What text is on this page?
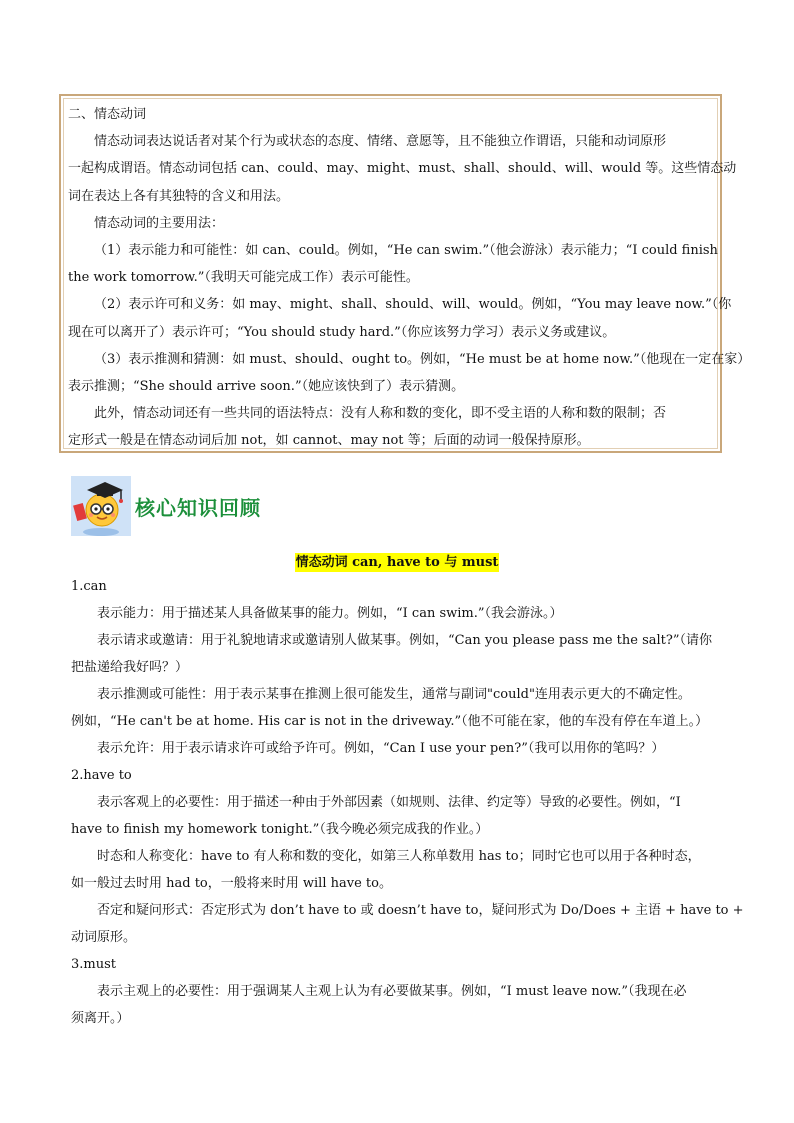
二、情态动词
情态动词表达说话者对某个行为或状态的态度、情绪、意愿等，且不能独立作谓语，只能和动词原形
一起构成谓语。情态动词包括 can、could、may、might、must、shall、should、will、would 等。这些情态动
词在表达上各有其独特的含义和用法。
情态动词的主要用法：
（1）表示能力和可能性：如 can、could。例如，“He can swim.”（他会游泳）表示能力；“I could finish
the work tomorrow.”（我明天可能完成工作）表示可能性。
（2）表示许可和义务：如 may、might、shall、should、will、would。例如，“You may leave now.”（你
现在可以离开了）表示许可；“You should study hard.”（你应该努力学习）表示义务或建议。
（3）表示推测和猜测：如 must、should、ought to。例如，“He must be at home now.”（他现在一定在家）
表示推测；“She should arrive soon.”（她应该快到了）表示猜测。
此外，情态动词还有一些共同的语法特点：没有人称和数的变化，即不受主语的人称和数的限制；否
定形式一般是在情态动词后加 not，如 cannot、may not 等；后面的动词一般保持原形。
核心知识回顾
情态动词 can, have to 与 must
1.can
表示能力：用于描述某人具备做某事的能力。例如，“I can swim.”（我会游泳。）
表示请求或邀请：用于礼貌地请求或邀请别人做某事。例如，“Can you please pass me the salt?”（请你
把盐递给我好吗？）
表示推测或可能性：用于表示某事在推测上很可能发生，通常与副词"could"连用表示更大的不确定性。
例如，“He can't be at home. His car is not in the driveway.”（他不可能在家，他的车没有停在车道上。）
表示允许：用于表示请求许可或给予许可。例如，“Can I use your pen?”（我可以用你的笔吗？）
2.have to
表示客观上的必要性：用于描述一种由于外部因素（如规则、法律、约定等）导致的必要性。例如，“I
have to finish my homework tonight.”（我今晚必须完成我的作业。）
时态和人称变化：have to 有人称和数的变化，如第三人称单数用 has to；同时它也可以用于各种时态，
如一般过去时用 had to，一般将来时用 will have to。
否定和疑问形式：否定形式为 don’t have to 或 doesn’t have to，疑问形式为 Do/Does + 主语 + have to +
动词原形。
3.must
表示主观上的必要性：用于强调某人主观上认为有必要做某事。例如，“I must leave now.”（我现在必
须离开。）
